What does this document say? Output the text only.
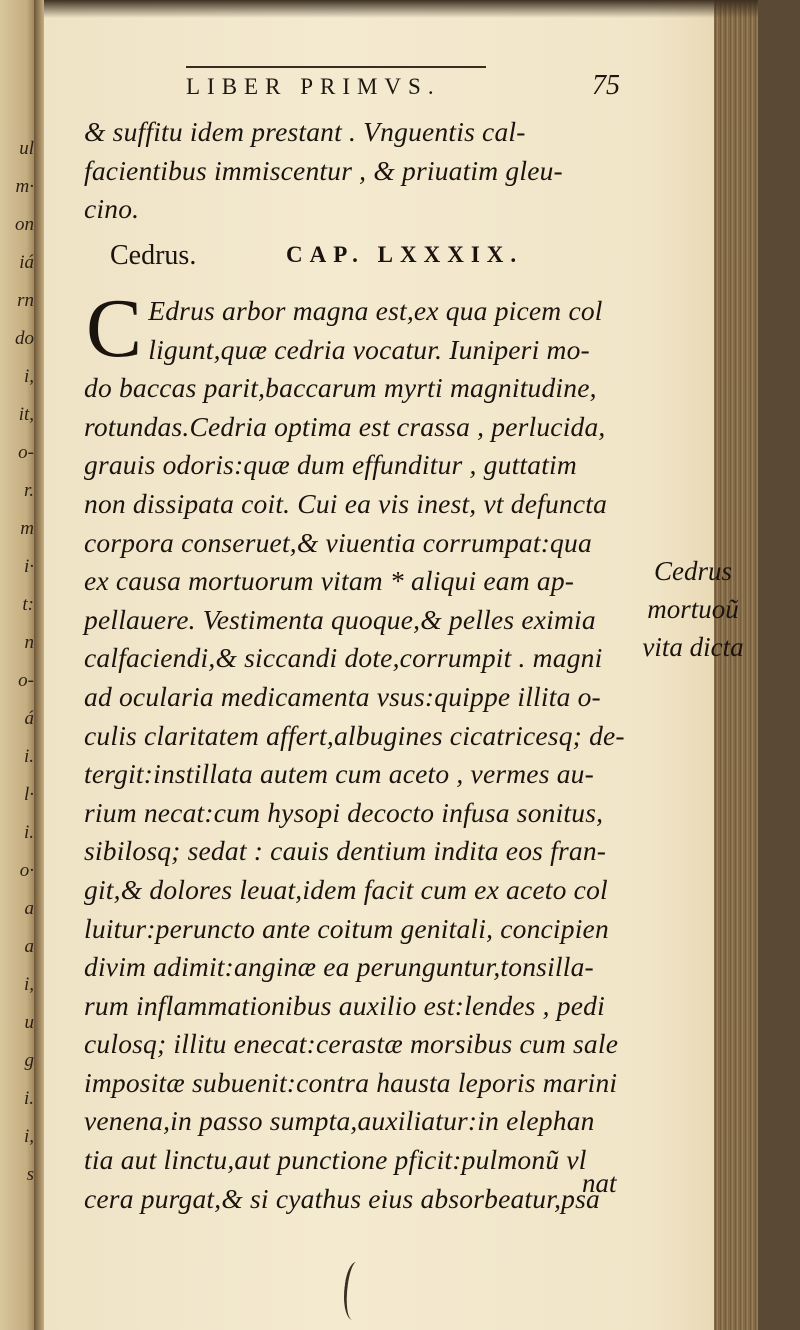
ul
m·
on
iá
rn
do
i,
it,
o-
r.
m
i·
t:
n
o-
á
i.
l·
i.
o·
a
a
i,
u
g
i.
i,
s
LIBER PRIMVS.	75
& suffitu idem prestant . Vnguentis cal-
facientibus immiscentur , & priuatim gleu-
cino.
Cedrus.	CAP. LXXXIX.
C Edrus arbor magna est,ex qua picem col
ligunt,quæ cedria vocatur. Iuniperi mo-
do baccas parit,baccarum myrti magnitudine,
rotundas.Cedria optima est crassa , perlucida,
grauis odoris:quæ dum effunditur , guttatim
non dissipata coit. Cui ea vis inest, vt defuncta
corpora conseruet,& viuentia corrumpat:qua
ex causa mortuorum vitam * aliqui eam ap-
pellauere. Vestimenta quoque,& pelles eximia
calfaciendi,& siccandi dote,corrumpit . magni
ad ocularia medicamenta vsus:quippe illita o-
culis claritatem affert,albugines cicatricesq; de-
tergit:instillata autem cum aceto , vermes au-
rium necat:cum hysopi decocto infusa sonitus,
sibilosq; sedat : cauis dentium indita eos fran-
git,& dolores leuat,idem facit cum ex aceto col
luitur:peruncto ante coitum genitali, concipien
divim adimit:anginæ ea perunguntur,tonsilla-
rum inflammationibus auxilio est:lendes , pedi
culosq; illitu enecat:cerastæ morsibus cum sale
impositæ subuenit:contra hausta leporis marini
venena,in passo sumpta,auxiliatur:in elephan
tia aut linctu,aut punctione pficit:pulmonũ vl
cera purgat,& si cyathus eius absorbeatur,psa
nat
Cedrus
mortuoũ
vita dicta
